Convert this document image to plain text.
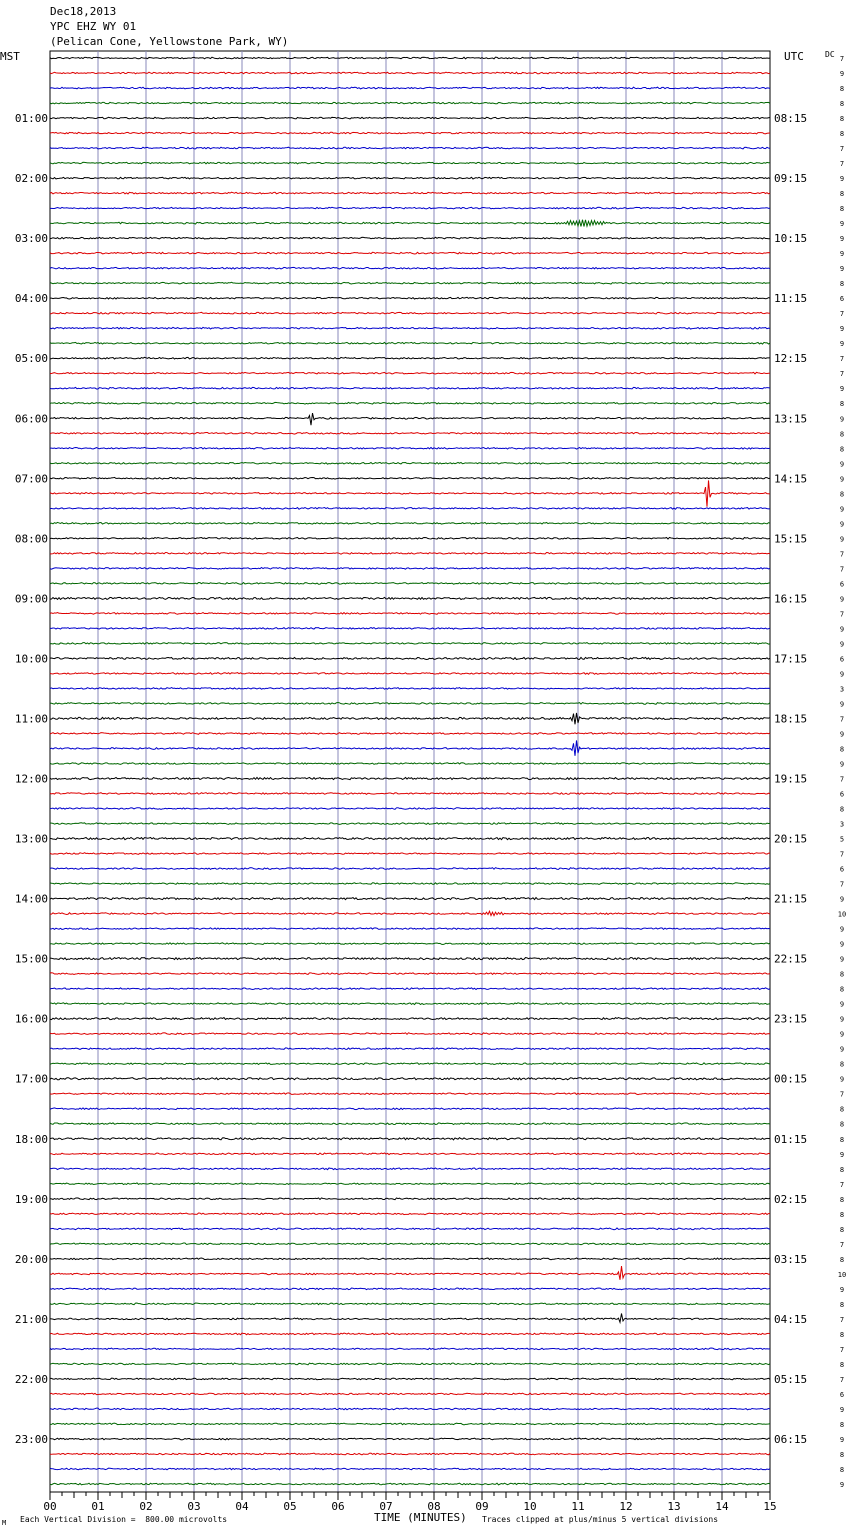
Dec18,2013
YPC EHZ WY 01
(Pelican Cone, Yellowstone Park, WY)
MST	UTC	DC
TIME (MINUTES)
Each Vertical Division =  800.00 microvolts	Traces clipped at plus/minus 5 vertical divisions
M
01:00
02:00
03:00
04:00
05:00
06:00
07:00
08:00
09:00
10:00
11:00
12:00
13:00
14:00
15:00
16:00
17:00
18:00
19:00
20:00
21:00
22:00
23:00
08:15
09:15
10:15
11:15
12:15
13:15
14:15
15:15
16:15
17:15
18:15
19:15
20:15
21:15
22:15
23:15
00:15
01:15
02:15
03:15
04:15
05:15
06:15
7
9
8
8
8
8
7
7
9
8
8
9
9
9
9
8
6
7
9
9
7
7
9
8
9
8
8
9
9
8
9
9
9
7
7
6
9
7
9
9
6
9
3
9
7
9
8
9
7
6
8
3
5
7
6
7
9
10
9
9
9
8
8
9
9
9
9
8
9
7
8
8
8
9
8
7
8
8
8
7
8
10
9
8
7
8
7
8
7
6
9
8
9
8
8
9
00	01	02	03	04	05	06	07	08	09	10	11	12	13	14	15
